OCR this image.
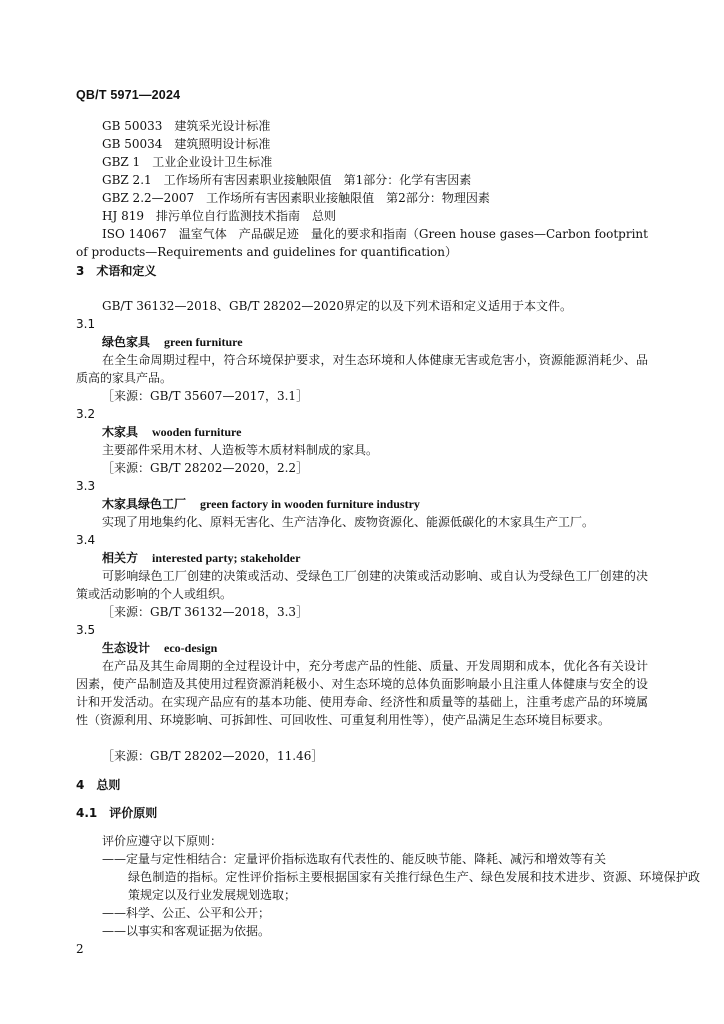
QB/T 5971—2024
GB 50033　建筑采光设计标准
GB 50034　建筑照明设计标准
GBZ 1　工业企业设计卫生标准
GBZ 2.1　工作场所有害因素职业接触限值　第1部分：化学有害因素
GBZ 2.2—2007　工作场所有害因素职业接触限值　第2部分：物理因素
HJ 819　排污单位自行监测技术指南　总则
ISO 14067　温室气体　产品碳足迹　量化的要求和指南（Green house gases—Carbon footprint of products—Requirements and guidelines for quantification）
3　术语和定义
GB/T 36132—2018、GB/T 28202—2020界定的以及下列术语和定义适用于本文件。
3.1
绿色家具 green furniture
在全生命周期过程中，符合环境保护要求，对生态环境和人体健康无害或危害小，资源能源消耗少、品质高的家具产品。
［来源：GB/T 35607—2017，3.1］
3.2
木家具 wooden furniture
主要部件采用木材、人造板等木质材料制成的家具。
［来源：GB/T 28202—2020，2.2］
3.3
木家具绿色工厂 green factory in wooden furniture industry
实现了用地集约化、原料无害化、生产洁净化、废物资源化、能源低碳化的木家具生产工厂。
3.4
相关方 interested party; stakeholder
可影响绿色工厂创建的决策或活动、受绿色工厂创建的决策或活动影响、或自认为受绿色工厂创建的决策或活动影响的个人或组织。
［来源：GB/T 36132—2018，3.3］
3.5
生态设计 eco-design
在产品及其生命周期的全过程设计中，充分考虑产品的性能、质量、开发周期和成本，优化各有关设计因素，使产品制造及其使用过程资源消耗极小、对生态环境的总体负面影响最小且注重人体健康与安全的设计和开发活动。在实现产品应有的基本功能、使用寿命、经济性和质量等的基础上，注重考虑产品的环境属性（资源利用、环境影响、可拆卸性、可回收性、可重复利用性等），使产品满足生态环境目标要求。
［来源：GB/T 28202—2020，11.46］
4　总则
4.1　评价原则
评价应遵守以下原则：
——定量与定性相结合：定量评价指标选取有代表性的、能反映节能、降耗、减污和增效等有关
绿色制造的指标。定性评价指标主要根据国家有关推行绿色生产、绿色发展和技术进步、资源、环境保护政策规定以及行业发展规划选取；
——科学、公正、公平和公开；
——以事实和客观证据为依据。
2
